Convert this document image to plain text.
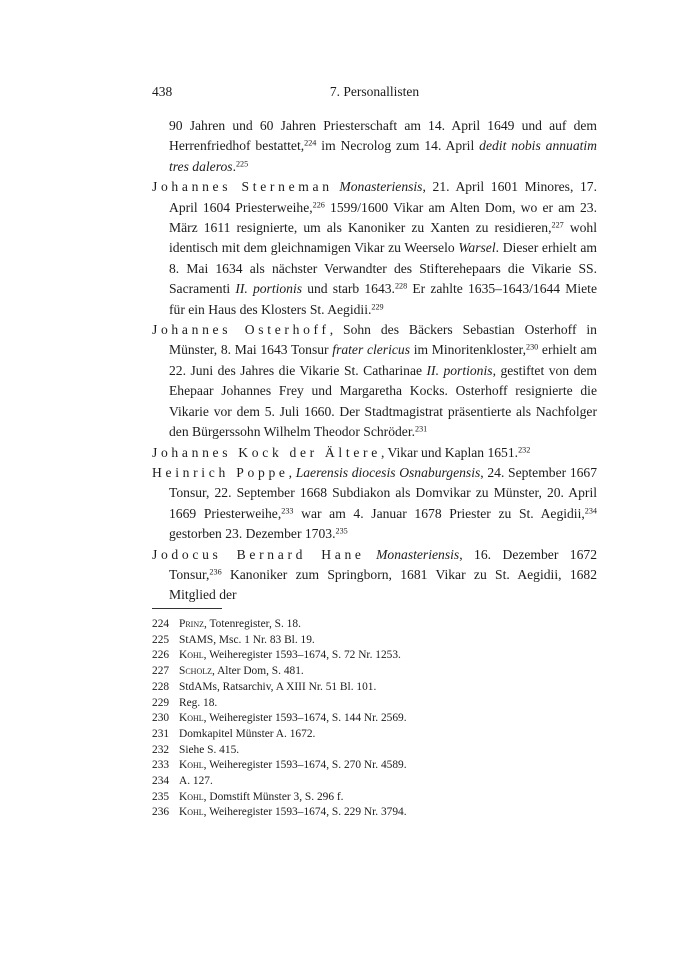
438	7. Personallisten

90 Jahren und 60 Jahren Priesterschaft am 14. April 1649 und auf dem Herrenfriedhof bestattet,$^{224}$ im Necrolog zum 14. April dedit nobis annuatim tres daleros.$^{225}$

Johannes Sterneman Monasteriensis, 21. April 1601 Minores, 17. April 1604 Priesterweihe,$^{226}$ 1599/1600 Vikar am Alten Dom, wo er am 23. März 1611 resignierte, um als Kanoniker zu Xanten zu residieren,$^{227}$ wohl identisch mit dem gleichnamigen Vikar zu Weerselo Warsel. Dieser erhielt am 8. Mai 1634 als nächster Verwandter des Stifterehepaars die Vikarie SS. Sacramenti II. portionis und starb 1643.$^{228}$ Er zahlte 1635–1643/1644 Miete für ein Haus des Klosters St. Aegidii.$^{229}$

Johannes Osterhoff, Sohn des Bäckers Sebastian Osterhoff in Münster, 8. Mai 1643 Tonsur frater clericus im Minoritenkloster,$^{230}$ erhielt am 22. Juni des Jahres die Vikarie St. Catharinae II. portionis, gestiftet von dem Ehepaar Johannes Frey und Margaretha Kocks. Osterhoff resignierte die Vikarie vor dem 5. Juli 1660. Der Stadtmagistrat präsentierte als Nachfolger den Bürgerssohn Wilhelm Theodor Schröder.$^{231}$

Johannes Kock der Ältere, Vikar und Kaplan 1651.$^{232}$

Heinrich Poppe, Laerensis diocesis Osnaburgensis, 24. September 1667 Tonsur, 22. September 1668 Subdiakon als Domvikar zu Münster, 20. April 1669 Priesterweihe,$^{233}$ war am 4. Januar 1678 Priester zu St. Aegidii,$^{234}$ gestorben 23. Dezember 1703.$^{235}$

Jodocus Bernard Hane Monasteriensis, 16. Dezember 1672 Tonsur,$^{236}$ Kanoniker zum Springborn, 1681 Vikar zu St. Aegidii, 1682 Mitglied der

224 Prinz, Totenregister, S. 18.
225 StAMS, Msc. 1 Nr. 83 Bl. 19.
226 Kohl, Weiheregister 1593–1674, S. 72 Nr. 1253.
227 Scholz, Alter Dom, S. 481.
228 StdAMs, Ratsarchiv, A XIII Nr. 51 Bl. 101.
229 Reg. 18.
230 Kohl, Weiheregister 1593–1674, S. 144 Nr. 2569.
231 Domkapitel Münster A. 1672.
232 Siehe S. 415.
233 Kohl, Weiheregister 1593–1674, S. 270 Nr. 4589.
234 A. 127.
235 Kohl, Domstift Münster 3, S. 296 f.
236 Kohl, Weiheregister 1593–1674, S. 229 Nr. 3794.
